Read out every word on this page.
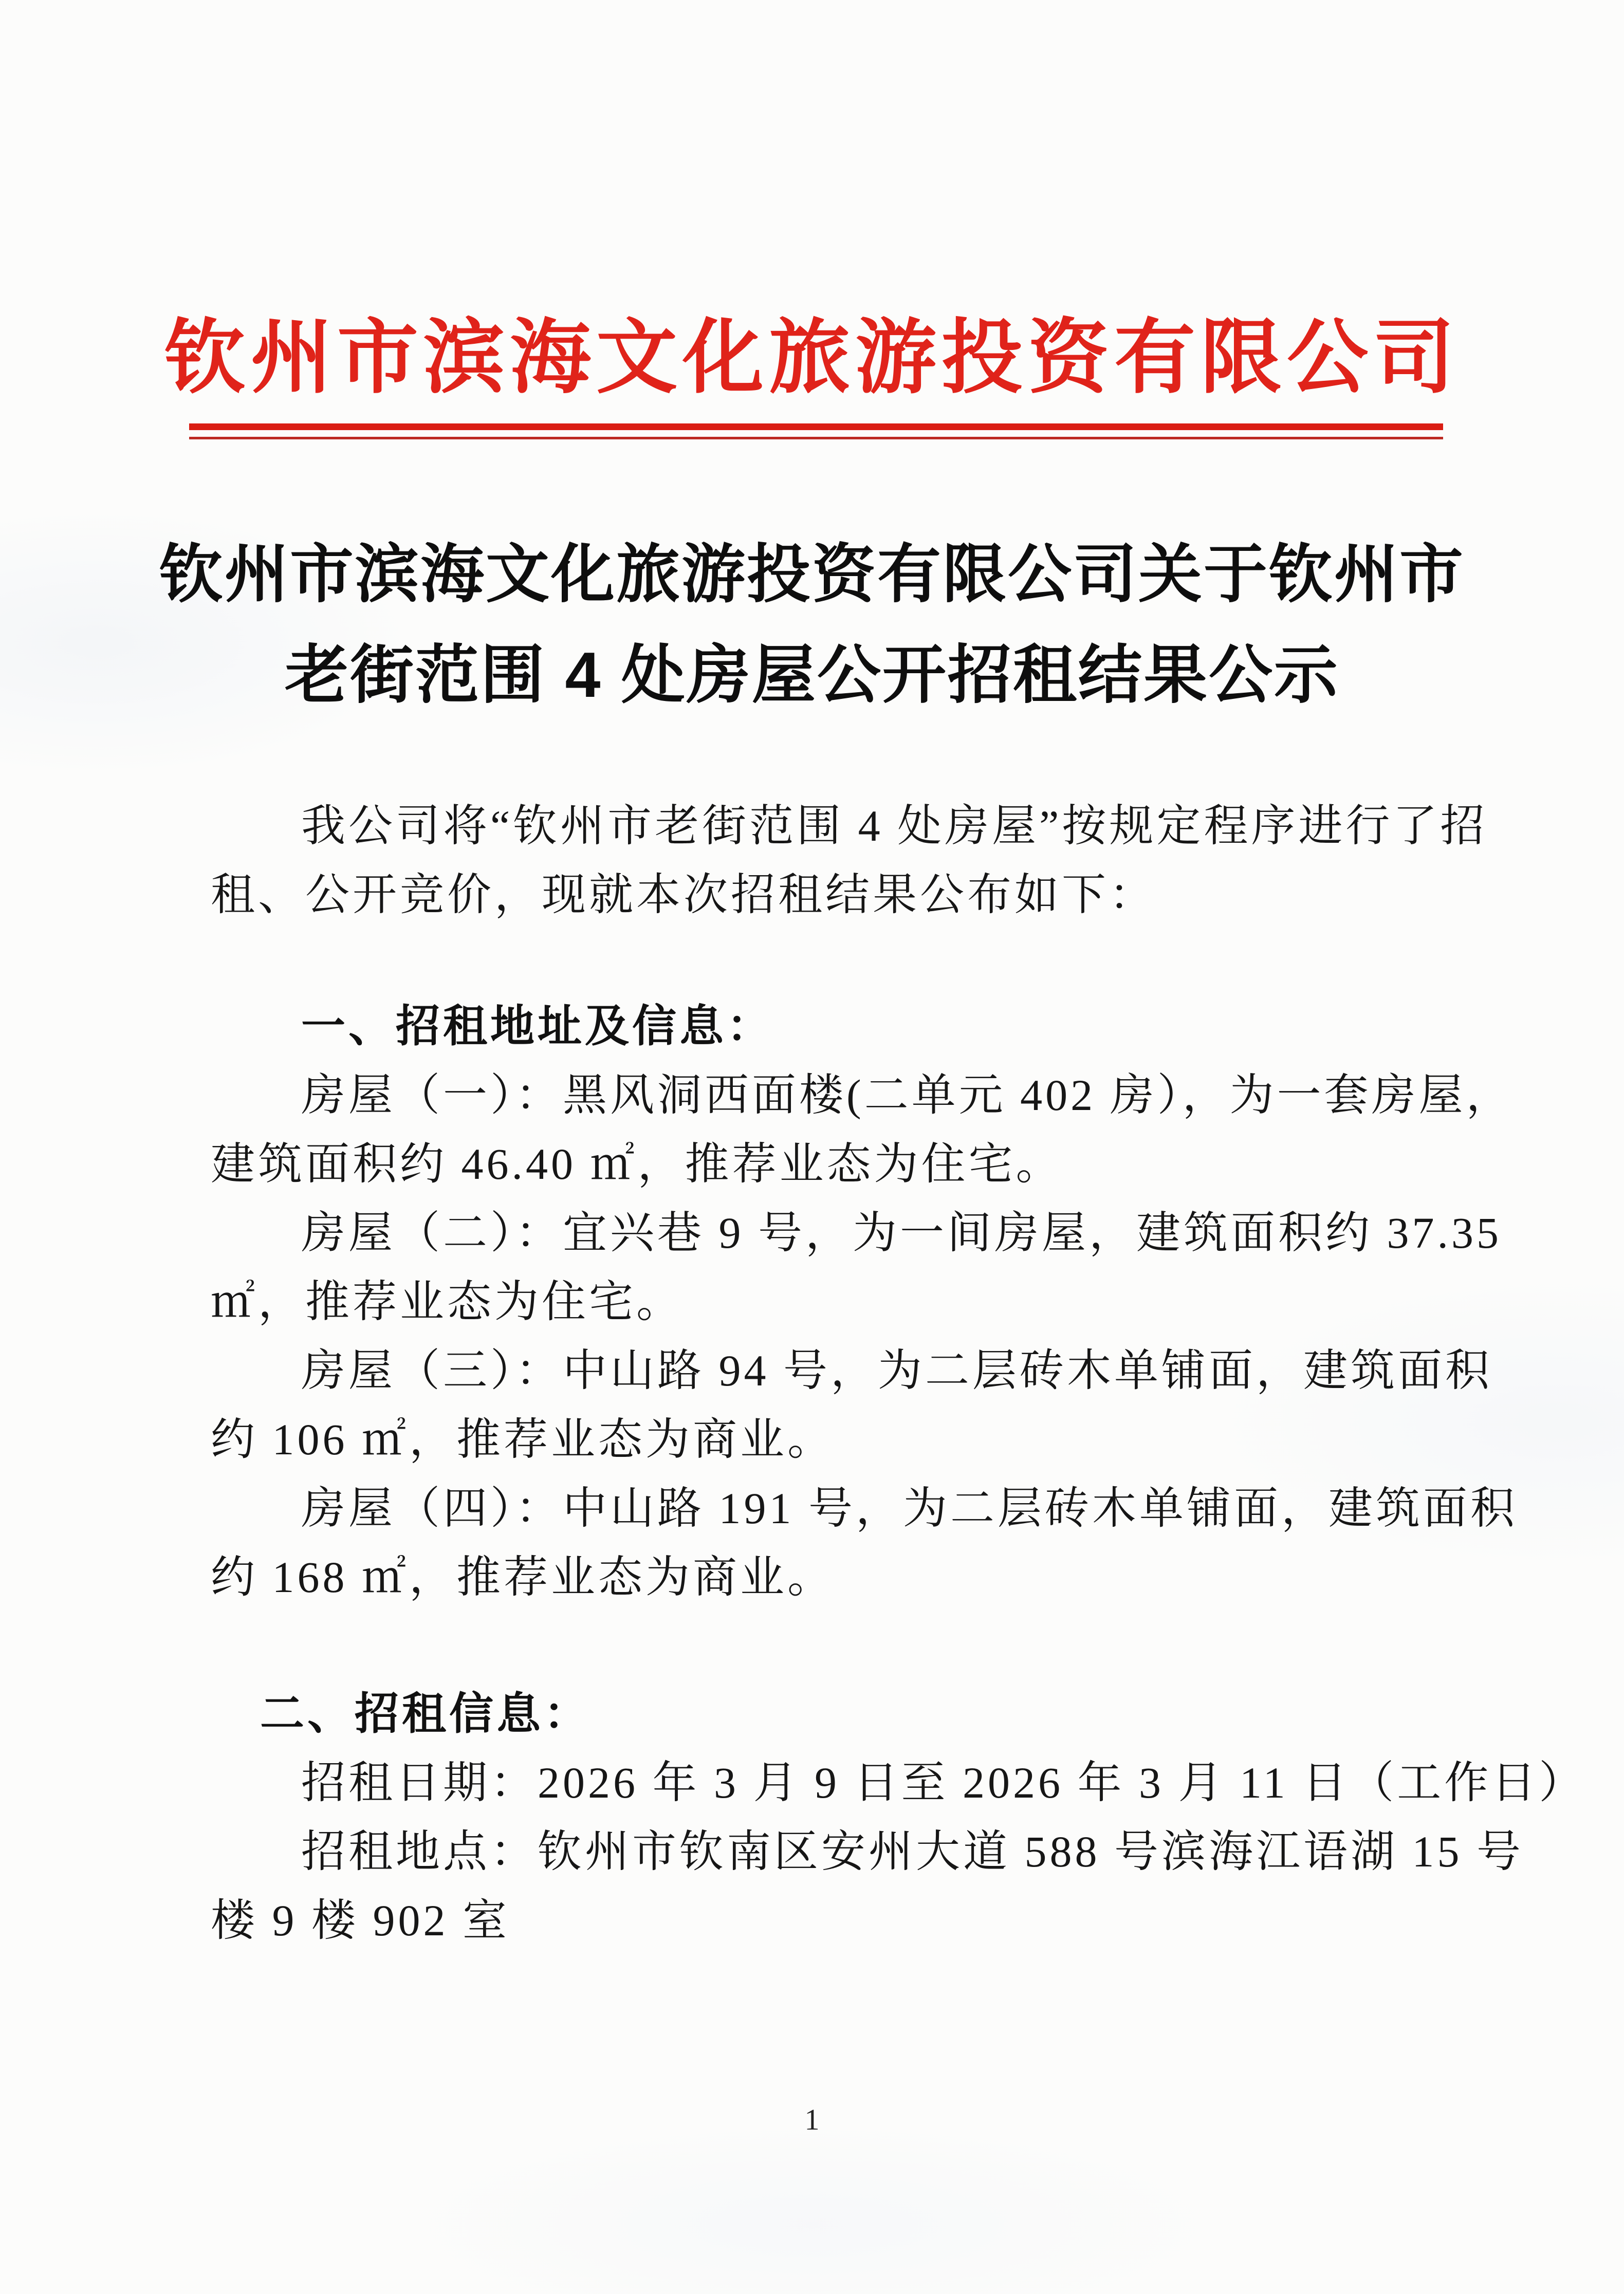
钦州市滨海文化旅游投资有限公司
钦州市滨海文化旅游投资有限公司关于钦州市
老街范围 4 处房屋公开招租结果公示
我公司将“钦州市老街范围 4 处房屋”按规定程序进行了招
租、公开竞价，现就本次招租结果公布如下：
一、招租地址及信息：
房屋（一）：黑风洞西面楼(二单元 402 房），为一套房屋，
建筑面积约 46.40 ㎡，推荐业态为住宅。
房屋（二）：宜兴巷 9 号，为一间房屋，建筑面积约 37.35
㎡，推荐业态为住宅。
房屋（三）：中山路 94 号，为二层砖木单铺面，建筑面积
约 106 ㎡，推荐业态为商业。
房屋（四）：中山路 191 号，为二层砖木单铺面，建筑面积
约 168 ㎡，推荐业态为商业。
二、招租信息：
招租日期：2026 年 3 月 9 日至 2026 年 3 月 11 日（工作日）
招租地点：钦州市钦南区安州大道 588 号滨海江语湖 15 号
楼 9 楼 902 室
1
